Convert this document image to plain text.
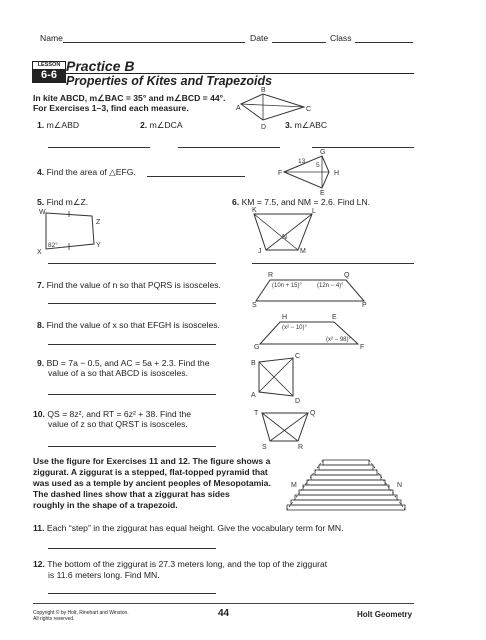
Name	Date	Class
LESSON
6-6
Practice B
Properties of Kites and Trapezoids
In kite ABCD, m∠BAC = 35° and m∠BCD = 44°.
For Exercises 1–3, find each measure.
B
A	C
D
1. m∠ABD	2. m∠DCA	3. m∠ABC
4. Find the area of △EFG.
G
F	H
E
13
5
5. Find m∠Z.
W
Z
X
Y
82°
6. KM = 7.5, and NM = 2.6. Find LN.
K	L
N
J	M
7. Find the value of n so that PQRS is isosceles.
R	Q
(10n + 15)°	(12n − 4)°
S	P
8. Find the value of x so that EFGH is isosceles.
H	E
(x² − 10)°
(x² − 98)°
G	F
9. BD = 7a − 0.5, and AC = 5a + 2.3. Find the
value of a so that ABCD is isosceles.
B
C
A
D
10. QS = 8z², and RT = 6z² + 38. Find the
value of z so that QRST is isosceles.
T	Q
S	R
Use the figure for Exercises 11 and 12. The figure shows a
ziggurat. A ziggurat is a stepped, flat-topped pyramid that
was used as a temple by ancient peoples of Mesopotamia.
The dashed lines show that a ziggurat has sides
roughly in the shape of a trapezoid.
M	N
11. Each “step” in the ziggurat has equal height. Give the vocabulary term for MN.
12. The bottom of the ziggurat is 27.3 meters long, and the top of the ziggurat
is 11.6 meters long. Find MN.
Copyright © by Holt, Rinehart and Winston.
All rights reserved.	44	Holt Geometry
